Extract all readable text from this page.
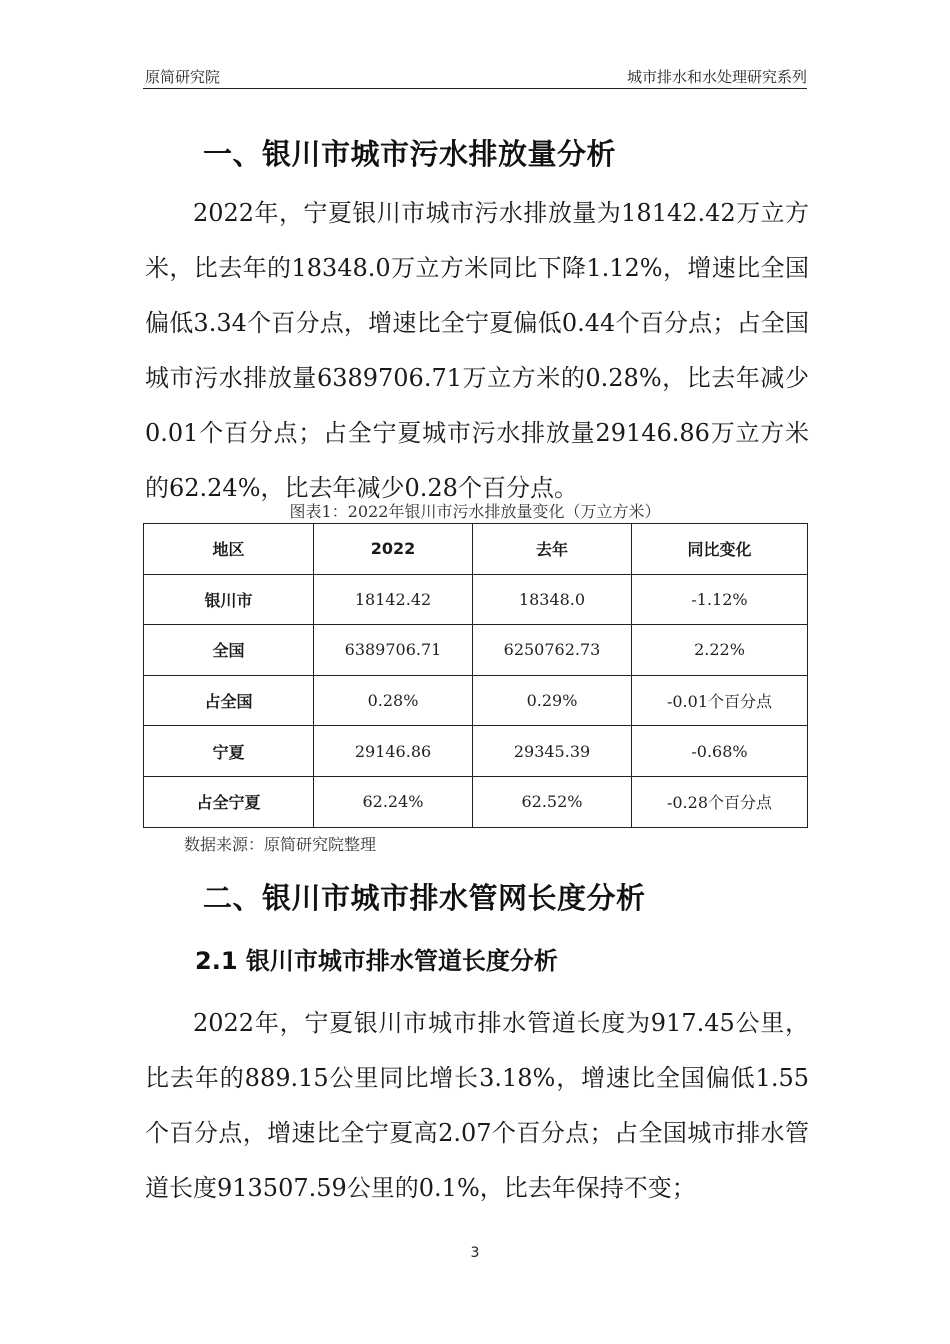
原简研究院	城市排水和水处理研究系列
一、银川市城市污水排放量分析

2022年，宁夏银川市城市污水排放量为18142.42万立方米，比去年的18348.0万立方米同比下降1.12%，增速比全国偏低3.34个百分点，增速比全宁夏偏低0.44个百分点；占全国城市污水排放量6389706.71万立方米的0.28%，比去年减少0.01个百分点；占全宁夏城市污水排放量29146.86万立方米的62.24%，比去年减少0.28个百分点。

图表1：2022年银川市污水排放量变化（万立方米）
地区	2022	去年	同比变化
银川市	18142.42	18348.0	-1.12%
全国	6389706.71	6250762.73	2.22%
占全国	0.28%	0.29%	-0.01个百分点
宁夏	29146.86	29345.39	-0.68%
占全宁夏	62.24%	62.52%	-0.28个百分点
数据来源：原简研究院整理
二、银川市城市排水管网长度分析
2.1 银川市城市排水管道长度分析

2022年，宁夏银川市城市排水管道长度为917.45公里，比去年的889.15公里同比增长3.18%，增速比全国偏低1.55个百分点，增速比全宁夏高2.07个百分点；占全国城市排水管道长度913507.59公里的0.1%，比去年保持不变；

3
